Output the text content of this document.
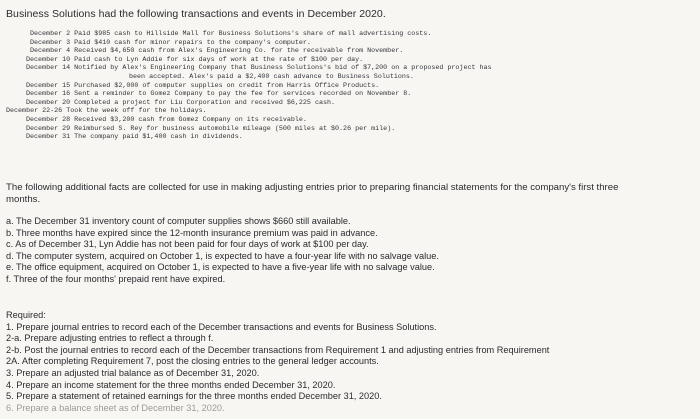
Business Solutions had the following transactions and events in December 2020.
December 2 Paid $985 cash to Hillside Mall for Business Solutions's share of mall advertising costs.
December 3 Paid $410 cash for minor repairs to the company's computer.
December 4 Received $4,650 cash from Alex's Engineering Co. for the receivable from November.
December 10 Paid cash to Lyn Addie for six days of work at the rate of $100 per day.
December 14 Notified by Alex's Engineering Company that Business Solutions's bid of $7,200 on a proposed project has
been accepted. Alex's paid a $2,400 cash advance to Business Solutions.
December 15 Purchased $2,000 of computer supplies on credit from Harris Office Products.
December 16 Sent a reminder to Gomez Company to pay the fee for services recorded on November 8.
December 20 Completed a project for Liu Corporation and received $6,225 cash.
December 22-26 Took the week off for the holidays.
December 28 Received $3,200 cash from Gomez Company on its receivable.
December 29 Reimbursed S. Rey for business automobile mileage (500 miles at $0.26 per mile).
December 31 The company paid $1,400 cash in dividends.
The following additional facts are collected for use in making adjusting entries prior to preparing financial statements for the company's first three months.
a. The December 31 inventory count of computer supplies shows $660 still available.
b. Three months have expired since the 12-month insurance premium was paid in advance.
c. As of December 31, Lyn Addie has not been paid for four days of work at $100 per day.
d. The computer system, acquired on October 1, is expected to have a four-year life with no salvage value.
e. The office equipment, acquired on October 1, is expected to have a five-year life with no salvage value.
f. Three of the four months' prepaid rent have expired.
Required:
1. Prepare journal entries to record each of the December transactions and events for Business Solutions.
2-a. Prepare adjusting entries to reflect a through f.
2-b. Post the journal entries to record each of the December transactions from Requirement 1 and adjusting entries from Requirement
2A. After completing Requirement 7, post the closing entries to the general ledger accounts.
3. Prepare an adjusted trial balance as of December 31, 2020.
4. Prepare an income statement for the three months ended December 31, 2020.
5. Prepare a statement of retained earnings for the three months ended December 31, 2020.
6. Prepare a balance sheet as of December 31, 2020.
